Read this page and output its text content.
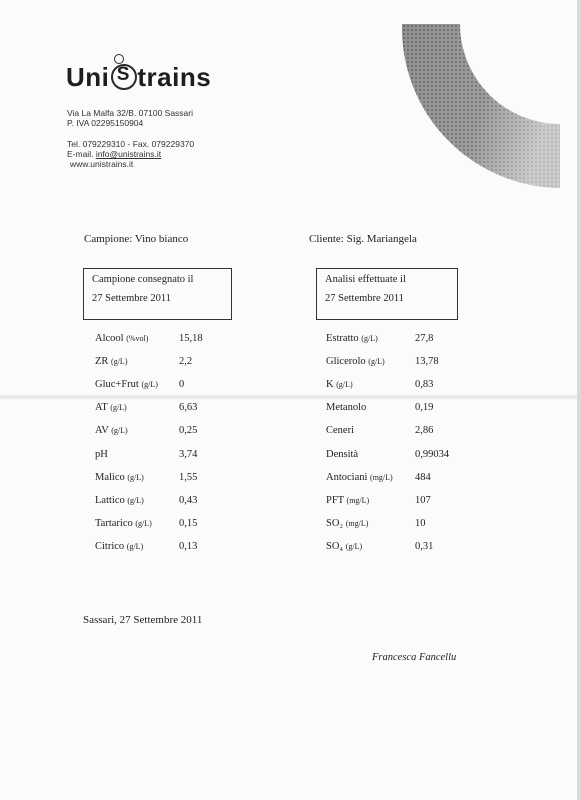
Uni S trains
Via La Malfa 32/B. 07100 Sassari
P. IVA 02295150904
Tel. 079229310 - Fax. 079229370
E-mail. info@unistrains.it
www.unistrains.it
Campione: Vino bianco	Cliente: Sig. Mariangela
Campione consegnato il
27 Settembre 2011
Analisi effettuate il
27 Settembre 2011
Alcool (%vol)	15,18
ZR (g/L)	2,2
Gluc+Frut (g/L) 0
AT (g/L)	6,63
AV (g/L)	0,25
pH	3,74
Malico (g/L)	1,55
Lattico (g/L)	0,43
Tartarico (g/L)	0,15
Citrico (g/L)	0,13
Estratto (g/L)	27,8
Glicerolo (g/L)	13,78
K (g/L)	0,83
Metanolo	0,19
Ceneri	2,86
Densità	0,99034
Antociani (mg/L) 484
PFT (mg/L)	107
SO₂ (mg/L)	10
SO₄ (g/L)	0,31
Sassari, 27 Settembre 2011
Francesca Fancellu
